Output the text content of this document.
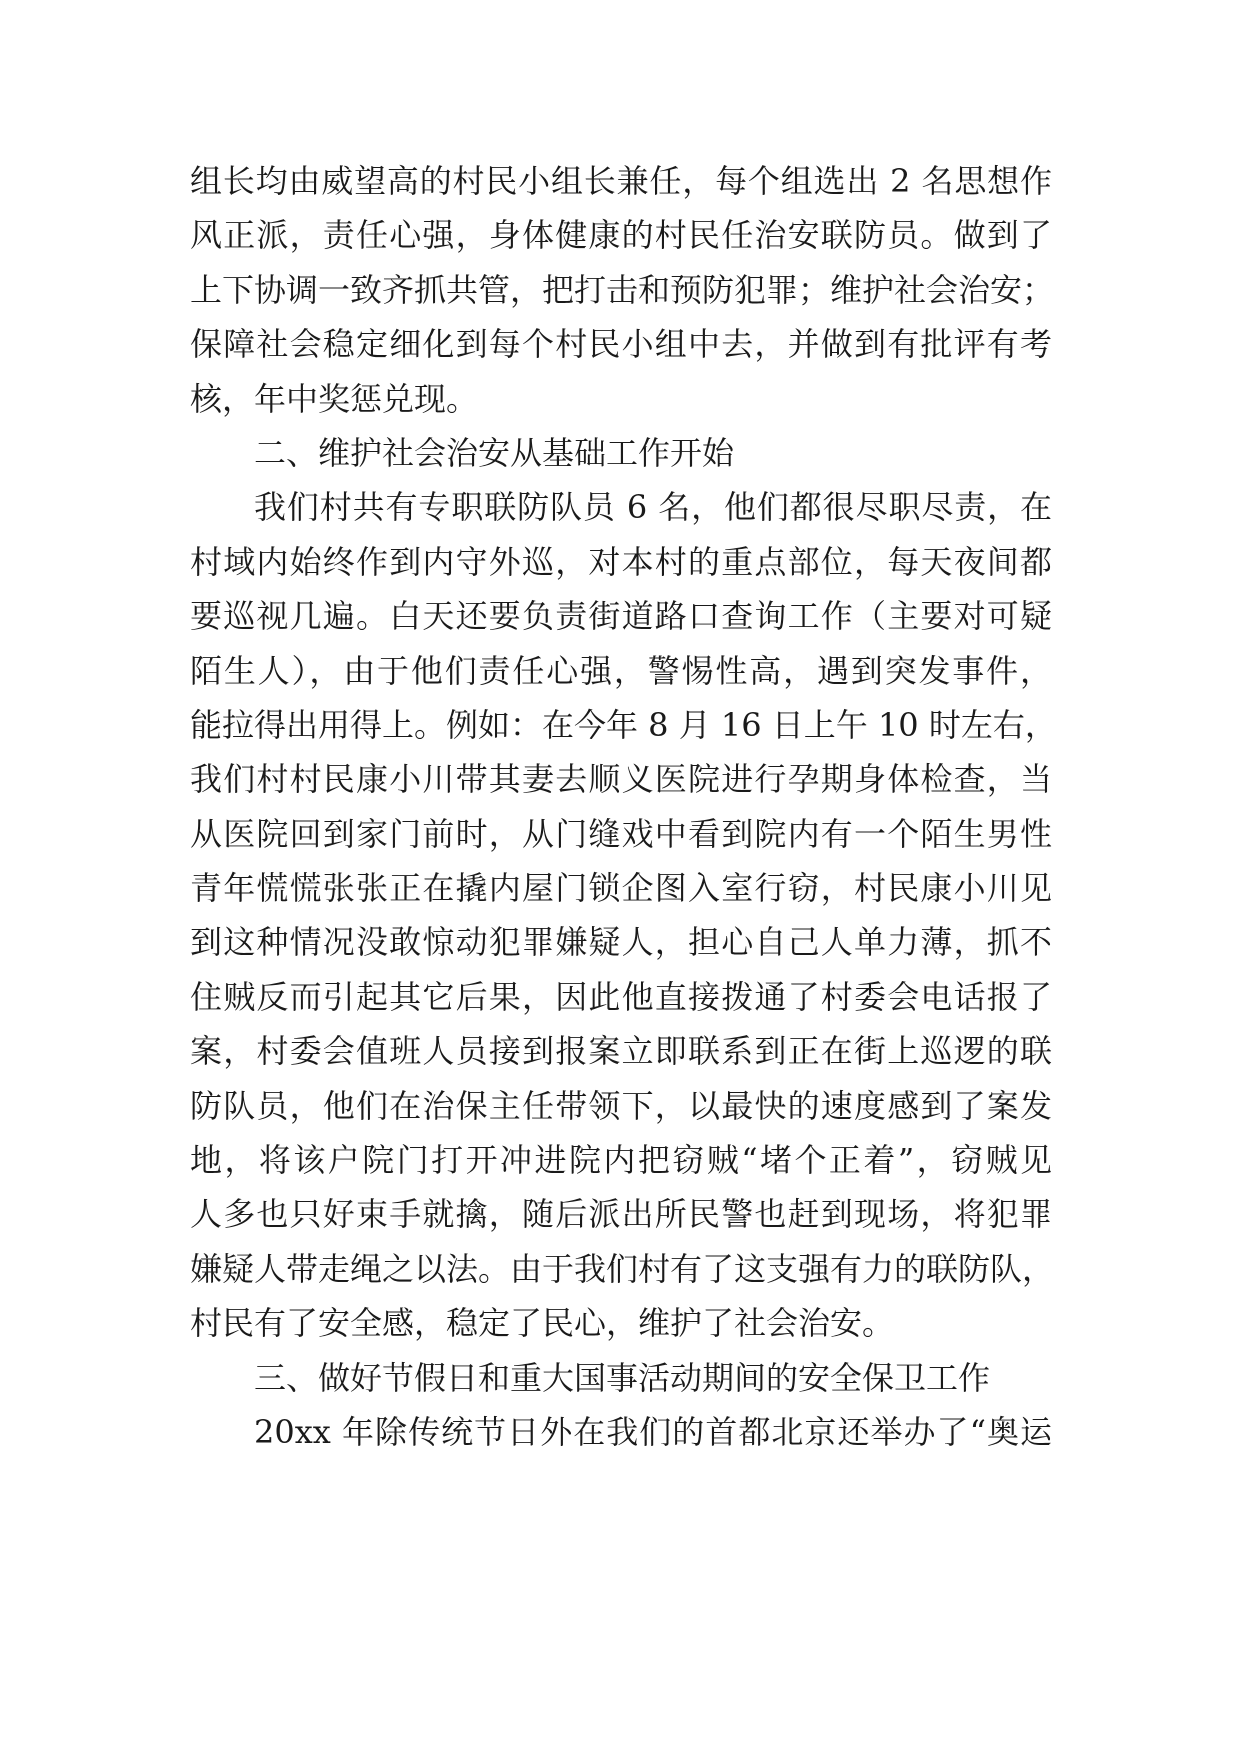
组长均由威望高的村民小组长兼任，每个组选出 2 名思想作
风正派，责任心强，身体健康的村民任治安联防员。做到了
上下协调一致齐抓共管，把打击和预防犯罪；维护社会治安；
保障社会稳定细化到每个村民小组中去，并做到有批评有考
核，年中奖惩兑现。
二、维护社会治安从基础工作开始
我们村共有专职联防队员 6 名，他们都很尽职尽责，在
村域内始终作到内守外巡，对本村的重点部位，每天夜间都
要巡视几遍。白天还要负责街道路口查询工作（主要对可疑
陌生人），由于他们责任心强，警惕性高，遇到突发事件，
能拉得出用得上。例如：在今年 8 月 16 日上午 10 时左右，
我们村村民康小川带其妻去顺义医院进行孕期身体检查，当
从医院回到家门前时，从门缝戏中看到院内有一个陌生男性
青年慌慌张张正在撬内屋门锁企图入室行窃，村民康小川见
到这种情况没敢惊动犯罪嫌疑人，担心自己人单力薄，抓不
住贼反而引起其它后果，因此他直接拨通了村委会电话报了
案，村委会值班人员接到报案立即联系到正在街上巡逻的联
防队员，他们在治保主任带领下，以最快的速度感到了案发
地，将该户院门打开冲进院内把窃贼“堵个正着”，窃贼见
人多也只好束手就擒，随后派出所民警也赶到现场，将犯罪
嫌疑人带走绳之以法。由于我们村有了这支强有力的联防队，
村民有了安全感，稳定了民心，维护了社会治安。
三、做好节假日和重大国事活动期间的安全保卫工作
20xx 年除传统节日外在我们的首都北京还举办了“奥运
